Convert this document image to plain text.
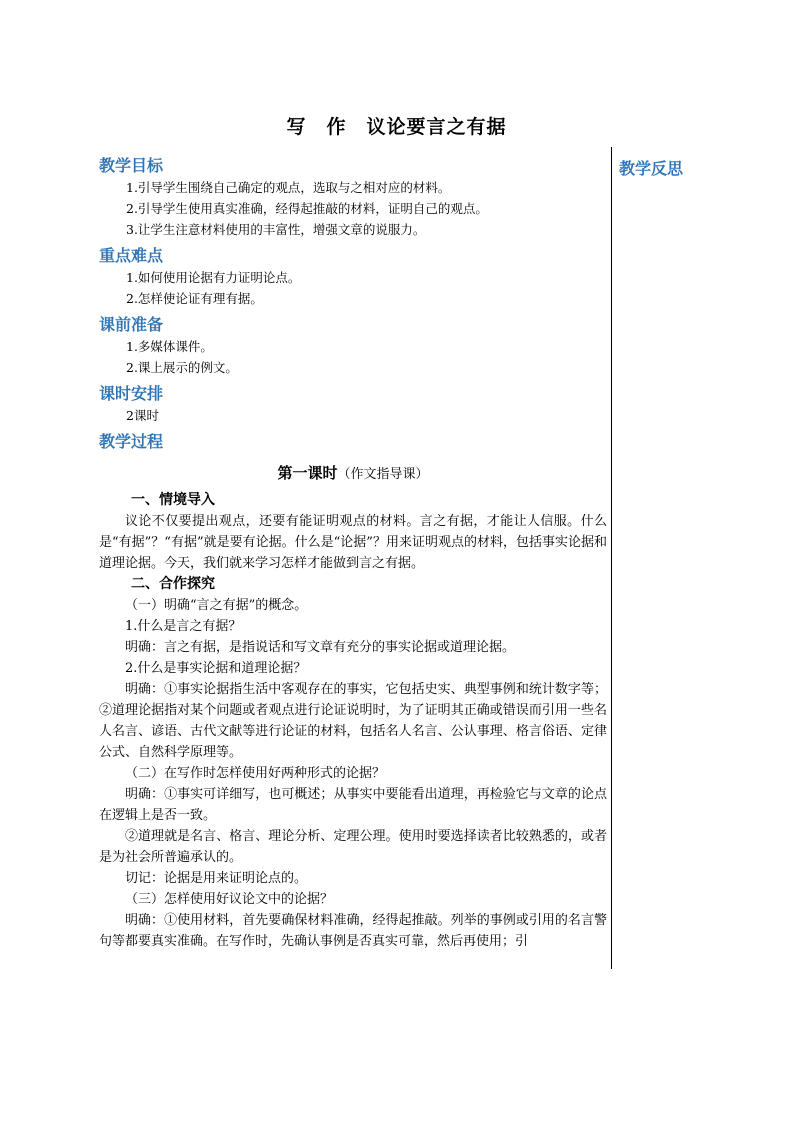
写　作　议论要言之有据
教学反思
教学目标
1.引导学生围绕自己确定的观点，选取与之相对应的材料。
2.引导学生使用真实准确，经得起推敲的材料，证明自己的观点。
3.让学生注意材料使用的丰富性，增强文章的说服力。
重点难点
1.如何使用论据有力证明论点。
2.怎样使论证有理有据。
课前准备
1.多媒体课件。
2.课上展示的例文。
课时安排
2课时
教学过程
第一课时（作文指导课）
一、情境导入
议论不仅要提出观点，还要有能证明观点的材料。言之有据，才能让人信服。什么是“有据”？“有据”就是要有论据。什么是“论据”？用来证明观点的材料，包括事实论据和道理论据。今天，我们就来学习怎样才能做到言之有据。
二、合作探究
（一）明确“言之有据”的概念。
1.什么是言之有据？
明确：言之有据，是指说话和写文章有充分的事实论据或道理论据。
2.什么是事实论据和道理论据？
明确：①事实论据指生活中客观存在的事实，它包括史实、典型事例和统计数字等；②道理论据指对某个问题或者观点进行论证说明时，为了证明其正确或错误而引用一些名人名言、谚语、古代文献等进行论证的材料，包括名人名言、公认事理、格言俗语、定律公式、自然科学原理等。
（二）在写作时怎样使用好两种形式的论据？
明确：①事实可详细写，也可概述；从事实中要能看出道理，再检验它与文章的论点在逻辑上是否一致。
②道理就是名言、格言、理论分析、定理公理。使用时要选择读者比较熟悉的，或者是为社会所普遍承认的。
切记：论据是用来证明论点的。
（三）怎样使用好议论文中的论据？
明确：①使用材料，首先要确保材料准确，经得起推敲。列举的事例或引用的名言警句等都要真实准确。在写作时，先确认事例是否真实可靠，然后再使用；引
